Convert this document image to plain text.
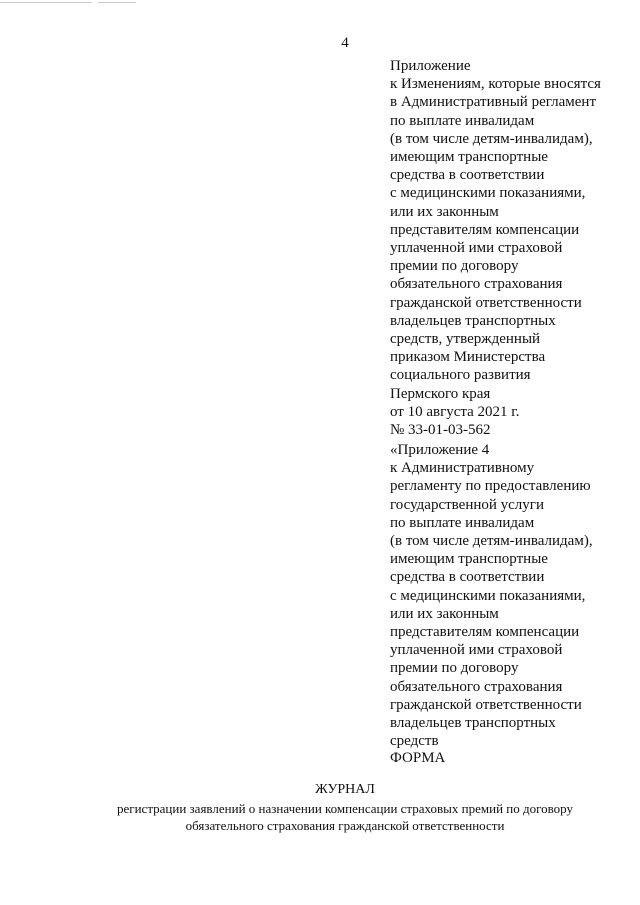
4
Приложение
к Изменениям, которые вносятся
в Административный регламент
по выплате инвалидам
(в том числе детям-инвалидам),
имеющим транспортные
средства в соответствии
с медицинскими показаниями,
или их законным
представителям компенсации
уплаченной ими страховой
премии по договору
обязательного страхования
гражданской ответственности
владельцев транспортных
средств, утвержденный
приказом Министерства
социального развития
Пермского края
от 10 августа 2021 г.
№ 33-01-03-562
«Приложение 4
к Административному
регламенту по предоставлению
государственной услуги
по выплате инвалидам
(в том числе детям-инвалидам),
имеющим транспортные
средства в соответствии
с медицинскими показаниями,
или их законным
представителям компенсации
уплаченной ими страховой
премии по договору
обязательного страхования
гражданской ответственности
владельцев транспортных
средств
ФОРМА
ЖУРНАЛ
регистрации заявлений о назначении компенсации страховых премий по договору
обязательного страхования гражданской ответственности
